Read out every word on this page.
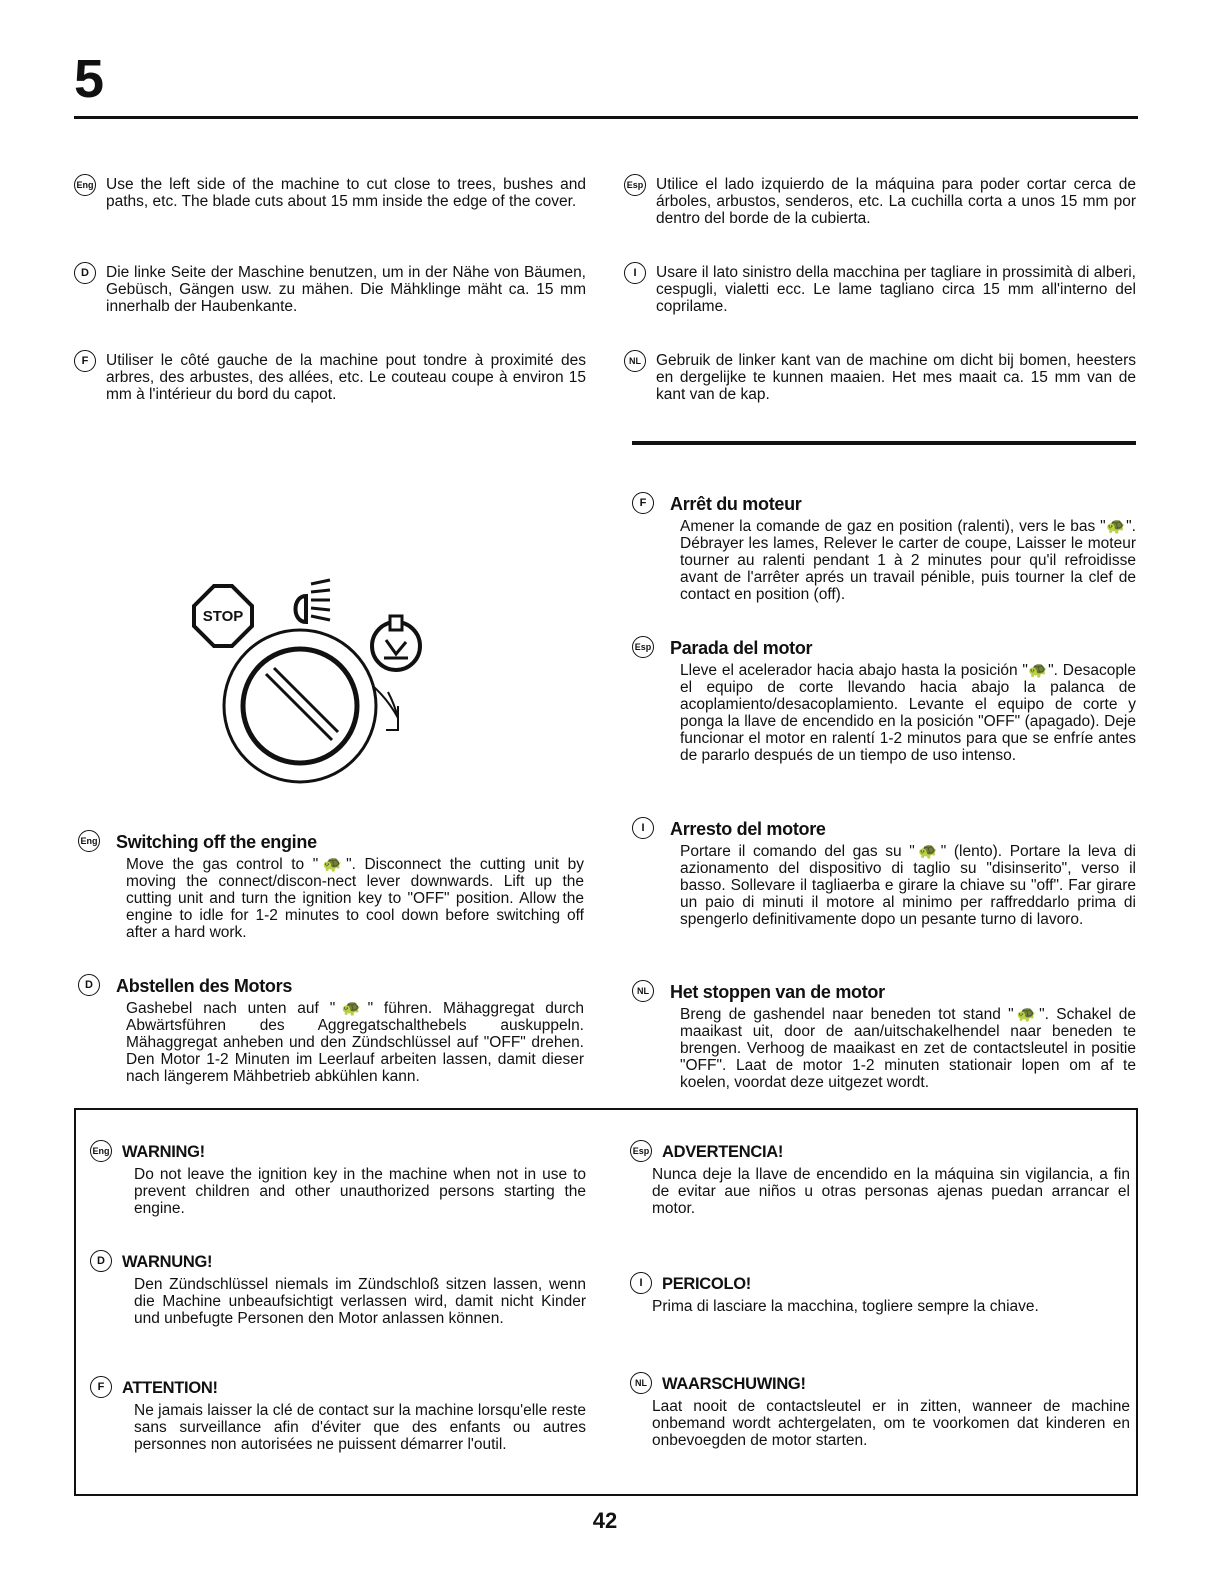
5
Eng Use the left side of the machine to cut close to trees, bushes and paths, etc. The blade cuts about 15 mm inside the edge of the cover.
D	Die linke Seite der Maschine benutzen, um in der Nähe von Bäumen, Gebüsch, Gängen usw. zu mähen. Die Mähklinge mäht ca. 15 mm innerhalb der Haubenkante.
F	Utiliser le côté gauche de la machine pout tondre à proximité des arbres, des arbustes, des allées, etc. Le couteau coupe à environ 15 mm à l'intérieur du bord du capot.
Esp Utilice el lado izquierdo de la máquina para poder cortar cerca de árboles, arbustos, senderos, etc. La cuchilla corta a unos 15 mm por dentro del borde de la cubierta.
I	Usare il lato sinistro della macchina per tagliare in prossimità di alberi, cespugli, vialetti ecc. Le lame tagliano circa 15 mm all'interno del coprilame.
NL Gebruik de linker kant van de machine om dicht bij bomen, heesters en dergelijke te kunnen maaien. Het mes maait ca. 15 mm van de kant van de kap.
STOP
F	Arrêt du moteur
Amener la comande de gaz en position (ralenti), vers le bas "🐢". Débrayer les lames, Relever le carter de coupe, Laisser le moteur tourner au ralenti pendant 1 à 2 minutes pour qu'il refroidisse avant de l'arrêter aprés un travail pénible, puis tourner la clef de contact en position (off).
Esp Parada del motor
Lleve el acelerador hacia abajo hasta la posición "🐢". Desacople el equipo de corte llevando hacia abajo la palanca de acoplamiento/desacoplamiento. Levante el equipo de corte y ponga la llave de encendido en la posición "OFF" (apagado). Deje funcionar el motor en ralentí 1-2 minutos para que se enfríe antes de pararlo después de un tiempo de uso intenso.
I	Arresto del motore
Portare il comando del gas su "🐢" (lento). Portare la leva di azionamento del dispositivo di taglio su "disinserito", verso il basso. Sollevare il tagliaerba e girare la chiave su "off". Far girare un paio di minuti il motore al minimo per raffreddarlo prima di spengerlo definitivamente dopo un pesante turno di lavoro.
NL Het stoppen van de motor
Breng de gashendel naar beneden tot stand "🐢". Schakel de maaikast uit, door de aan/uitschakelhendel naar beneden te brengen. Verhoog de maaikast en zet de contactsleutel in positie "OFF". Laat de motor 1-2 minuten stationair lopen om af te koelen, voordat deze uitgezet wordt.
Eng Switching off the engine
Move the gas control to "🐢". Disconnect the cutting unit by moving the connect/discon-nect lever downwards. Lift up the cutting unit and turn the ignition key to "OFF" position. Allow the engine to idle for 1-2 minutes to cool down before switching off after a hard work.
D	Abstellen des Motors
Gashebel nach unten auf "🐢" führen. Mähaggregat durch Abwärtsführen des Aggregatschalthebels auskuppeln. Mähaggregat anheben und den Zündschlüssel auf "OFF" drehen. Den Motor 1-2 Minuten im Leerlauf arbeiten lassen, damit dieser nach längerem Mähbetrieb abkühlen kann.
Eng WARNING!
Do not leave the ignition key in the machine when not in use to prevent children and other unauthorized persons starting the engine.
D	WARNUNG!
Den Zündschlüssel niemals im Zündschloß sitzen lassen, wenn die Machine unbeaufsichtigt verlassen wird, damit nicht Kinder und unbefugte Personen den Motor anlassen können.
F	ATTENTION!
Ne jamais laisser la clé de contact sur la machine lorsqu'elle reste sans surveillance afin d'éviter que des enfants ou autres personnes non autorisées ne puissent démarrer l'outil.
Esp ADVERTENCIA!
Nunca deje la llave de encendido en la máquina sin vigilancia, a fin de evitar aue niños u otras personas ajenas puedan arrancar el motor.
I	PERICOLO!
Prima di lasciare la macchina, togliere sempre la chiave.
NL WAARSCHUWING!
Laat nooit de contactsleutel er in zitten, wanneer de machine onbemand wordt achtergelaten, om te voorkomen dat kinderen en onbevoegden de motor starten.
42
